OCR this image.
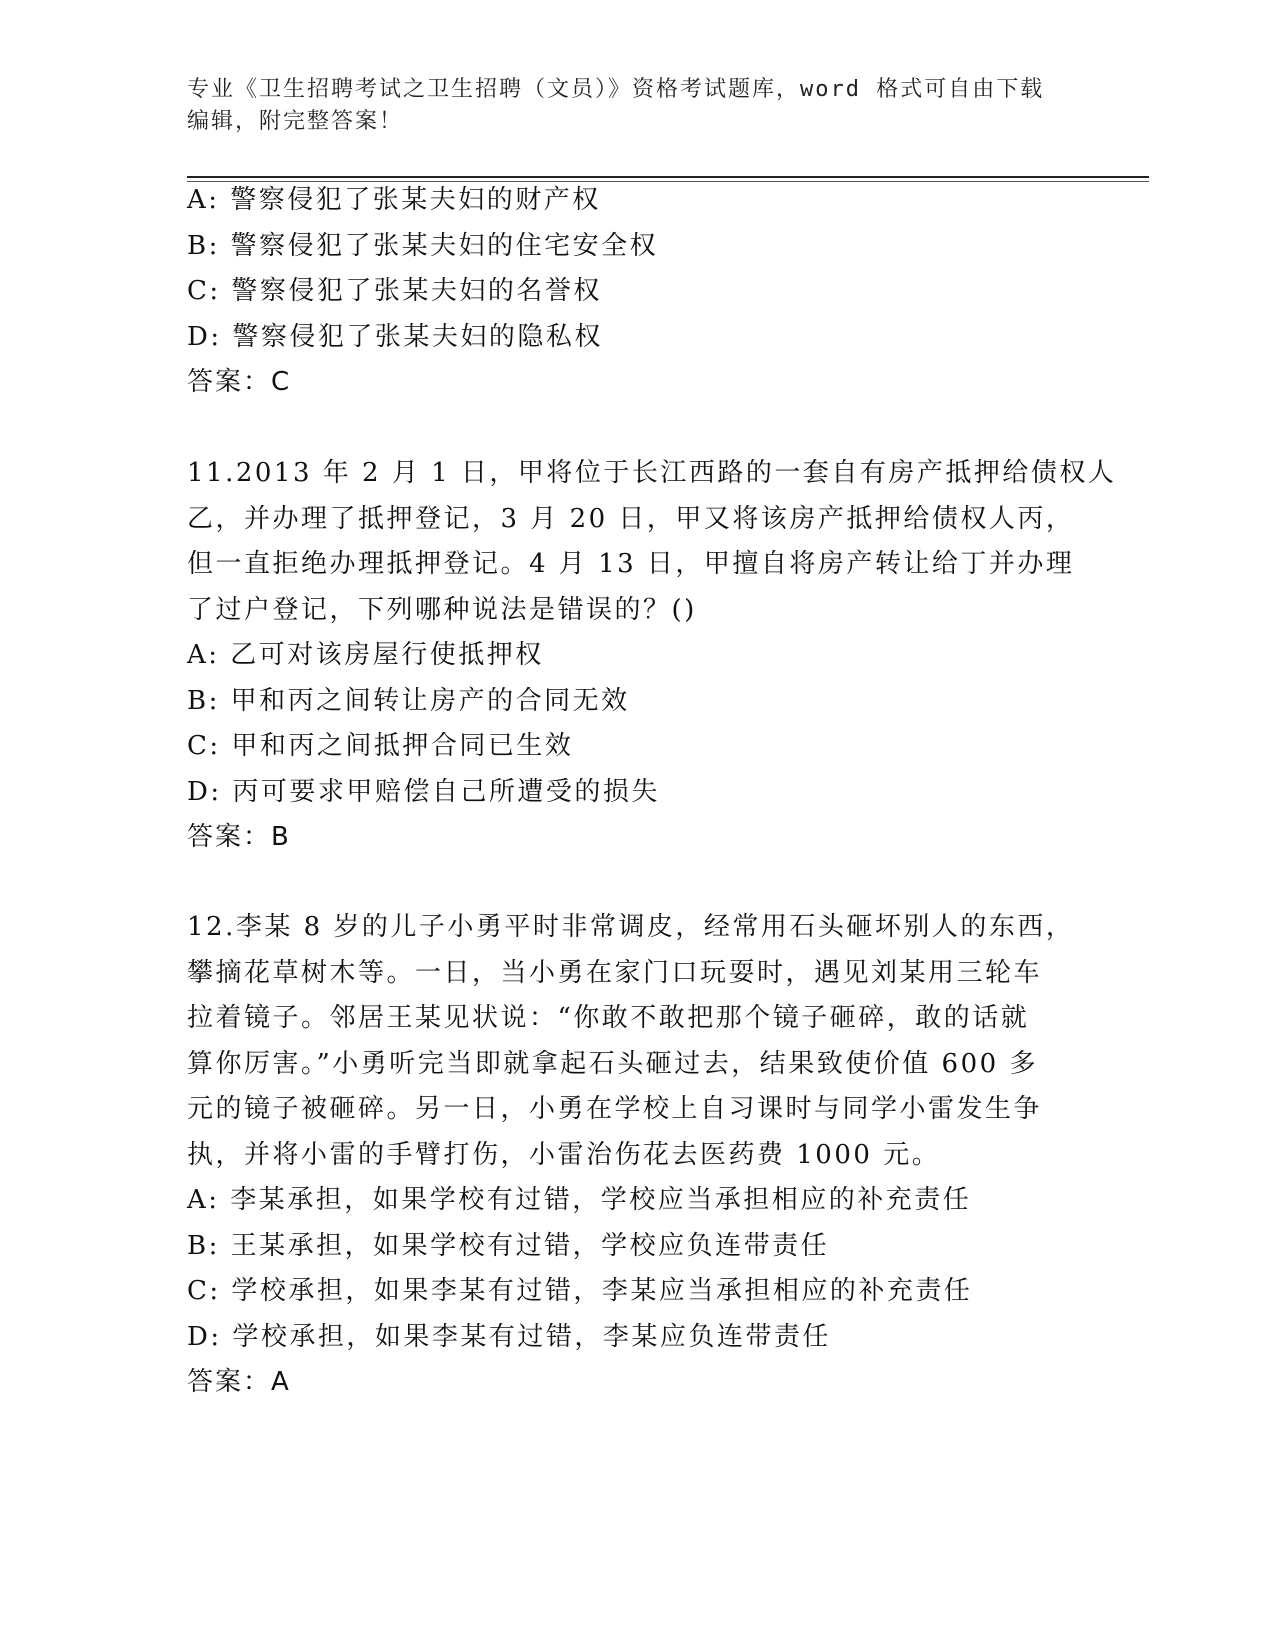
专业《卫生招聘考试之卫生招聘（文员）》资格考试题库，word 格式可自由下载
编辑，附完整答案！
A: 警察侵犯了张某夫妇的财产权
B: 警察侵犯了张某夫妇的住宅安全权
C: 警察侵犯了张某夫妇的名誉权
D: 警察侵犯了张某夫妇的隐私权
答案：C
11.2013 年 2 月 1 日，甲将位于长江西路的一套自有房产抵押给债权人
乙，并办理了抵押登记，3 月 20 日，甲又将该房产抵押给债权人丙，
但一直拒绝办理抵押登记。4 月 13 日，甲擅自将房产转让给丁并办理
了过户登记，下列哪种说法是错误的？()
A: 乙可对该房屋行使抵押权
B: 甲和丙之间转让房产的合同无效
C: 甲和丙之间抵押合同已生效
D: 丙可要求甲赔偿自己所遭受的损失
答案：B
12.李某 8 岁的儿子小勇平时非常调皮，经常用石头砸坏别人的东西，
攀摘花草树木等。一日，当小勇在家门口玩耍时，遇见刘某用三轮车
拉着镜子。邻居王某见状说：“你敢不敢把那个镜子砸碎，敢的话就
算你厉害。”小勇听完当即就拿起石头砸过去，结果致使价值 600 多
元的镜子被砸碎。另一日，小勇在学校上自习课时与同学小雷发生争
执，并将小雷的手臂打伤，小雷治伤花去医药费 1000 元。
A: 李某承担，如果学校有过错，学校应当承担相应的补充责任
B: 王某承担，如果学校有过错，学校应负连带责任
C: 学校承担，如果李某有过错，李某应当承担相应的补充责任
D: 学校承担，如果李某有过错，李某应负连带责任
答案：A
